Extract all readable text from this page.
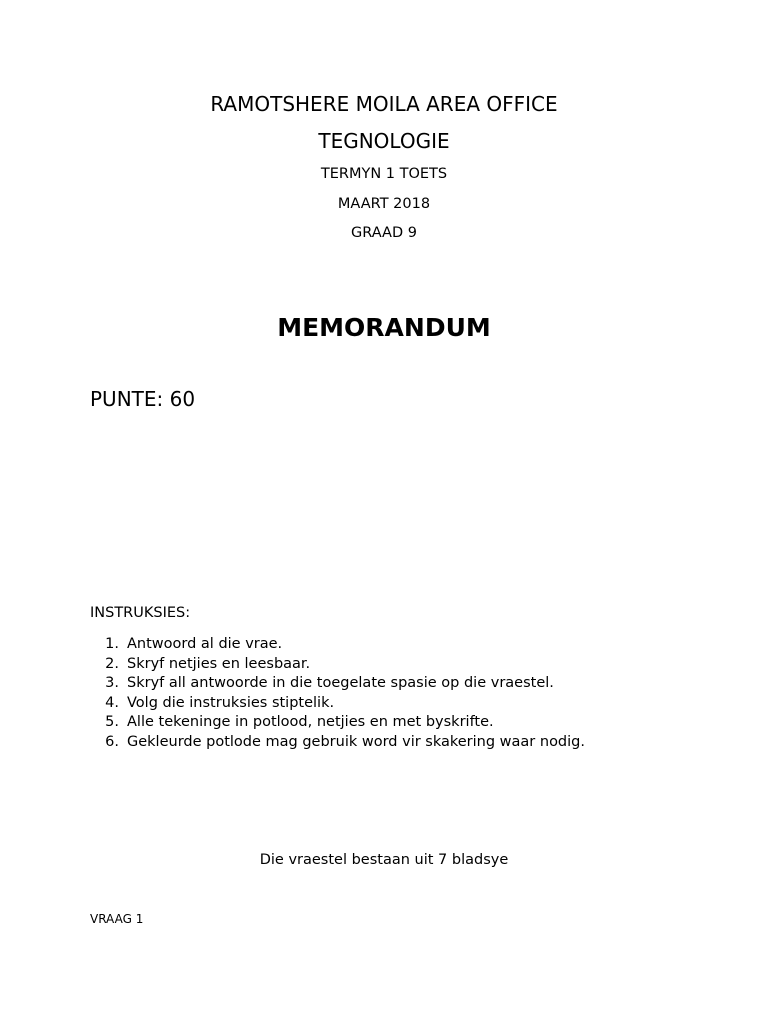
RAMOTSHERE MOILA AREA OFFICE
TEGNOLOGIE
TERMYN 1 TOETS
MAART 2018
GRAAD 9
MEMORANDUM
PUNTE: 60
INSTRUKSIES:
1. Antwoord al die vrae.
2. Skryf netjies en leesbaar.
3. Skryf all antwoorde in die toegelate spasie op die vraestel.
4. Volg die instruksies stiptelik.
5. Alle tekeninge in potlood, netjies en met byskrifte.
6. Gekleurde potlode mag gebruik word vir skakering waar nodig.
Die vraestel bestaan uit 7 bladsye
VRAAG 1
